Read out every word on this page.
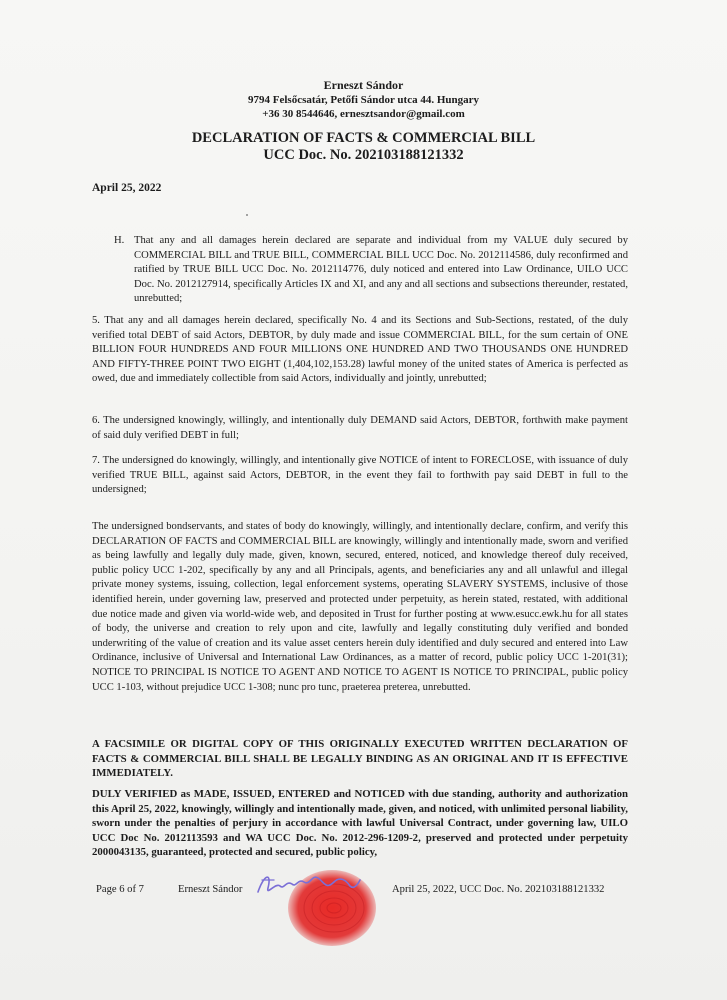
Erneszt Sándor
9794 Felsőcsatár, Petőfi Sándor utca 44. Hungary
+36 30 8544646, ernesztsandor@gmail.com
DECLARATION OF FACTS & COMMERCIAL BILL
UCC Doc. No. 202103188121332
April 25, 2022
H. That any and all damages herein declared are separate and individual from my VALUE duly secured by COMMERCIAL BILL and TRUE BILL, COMMERCIAL BILL UCC Doc. No. 2012114586, duly reconfirmed and ratified by TRUE BILL UCC Doc. No. 2012114776, duly noticed and entered into Law Ordinance, UILO UCC Doc. No. 2012127914, specifically Articles IX and XI, and any and all sections and subsections thereunder, restated, unrebutted;
5. That any and all damages herein declared, specifically No. 4 and its Sections and Sub-Sections, restated, of the duly verified total DEBT of said Actors, DEBTOR, by duly made and issue COMMERCIAL BILL, for the sum certain of ONE BILLION FOUR HUNDREDS AND FOUR MILLIONS ONE HUNDRED AND TWO THOUSANDS ONE HUNDRED AND FIFTY-THREE POINT TWO EIGHT (1,404,102,153.28) lawful money of the united states of America is perfected as owed, due and immediately collectible from said Actors, individually and jointly, unrebutted;
6. The undersigned knowingly, willingly, and intentionally duly DEMAND said Actors, DEBTOR, forthwith make payment of said duly verified DEBT in full;
7. The undersigned do knowingly, willingly, and intentionally give NOTICE of intent to FORECLOSE, with issuance of duly verified TRUE BILL, against said Actors, DEBTOR, in the event they fail to forthwith pay said DEBT in full to the undersigned;
The undersigned bondservants, and states of body do knowingly, willingly, and intentionally declare, confirm, and verify this DECLARATION OF FACTS and COMMERCIAL BILL are knowingly, willingly and intentionally made, sworn and verified as being lawfully and legally duly made, given, known, secured, entered, noticed, and knowledge thereof duly received, public policy UCC 1-202, specifically by any and all Principals, agents, and beneficiaries any and all unlawful and illegal private money systems, issuing, collection, legal enforcement systems, operating SLAVERY SYSTEMS, inclusive of those identified herein, under governing law, preserved and protected under perpetuity, as herein stated, restated, with additional due notice made and given via world-wide web, and deposited in Trust for further posting at www.esucc.ewk.hu for all states of body, the universe and creation to rely upon and cite, lawfully and legally constituting duly verified and bonded underwriting of the value of creation and its value asset centers herein duly identified and duly secured and entered into Law Ordinance, inclusive of Universal and International Law Ordinances, as a matter of record, public policy UCC 1-201(31); NOTICE TO PRINCIPAL IS NOTICE TO AGENT AND NOTICE TO AGENT IS NOTICE TO PRINCIPAL, public policy UCC 1-103, without prejudice UCC 1-308; nunc pro tunc, praeterea preterea, unrebutted.
A FACSIMILE OR DIGITAL COPY OF THIS ORIGINALLY EXECUTED WRITTEN DECLARATION OF FACTS & COMMERCIAL BILL SHALL BE LEGALLY BINDING AS AN ORIGINAL AND IT IS EFFECTIVE IMMEDIATELY.
DULY VERIFIED as MADE, ISSUED, ENTERED and NOTICED with due standing, authority and authorization this April 25, 2022, knowingly, willingly and intentionally made, given, and noticed, with unlimited personal liability, sworn under the penalties of perjury in accordance with lawful Universal Contract, under governing law, UILO UCC Doc No. 2012113593 and WA UCC Doc. No. 2012-296-1209-2, preserved and protected under perpetuity 2000043135, guaranteed, protected and secured, public policy,
Page 6 of 7	Erneszt Sándor	April 25, 2022, UCC Doc. No. 202103188121332
